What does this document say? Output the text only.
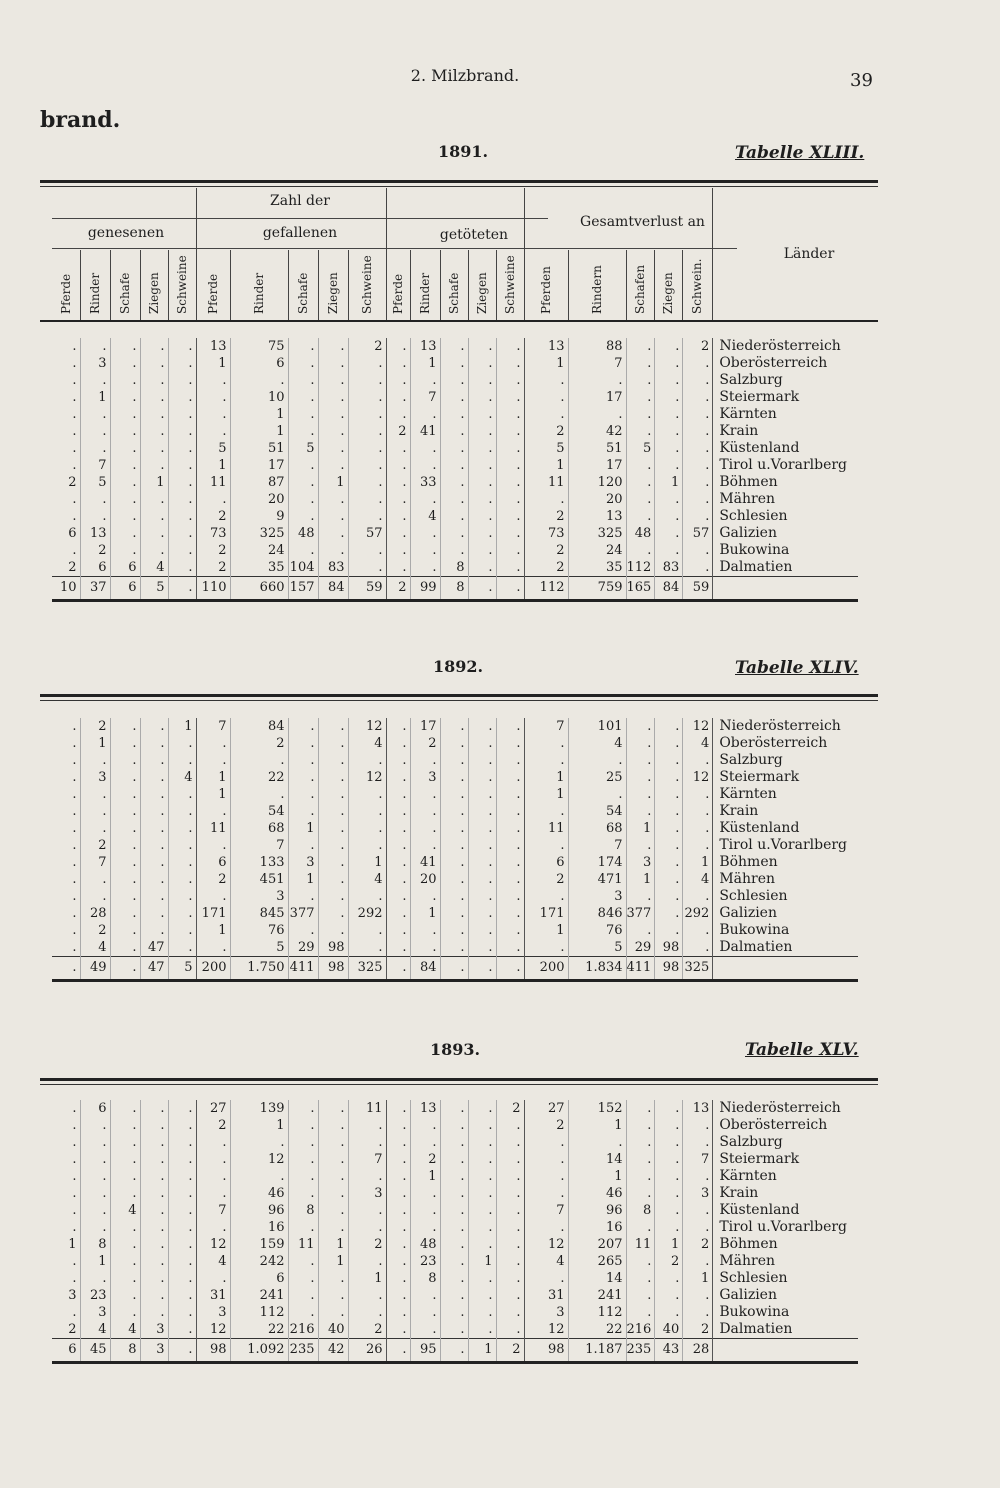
2. Milzbrand.	39
brand.
1891.	Tabelle XLIII.
Zahl der
genesenen	gefallenen	getöteten
Gesamtverlust an
Länder
Pferde Rinder Schafe Ziegen Schweine Pferde	Rinder	Schafe Ziegen Schweine Pferde Rinder Schafe Ziegen Schweine Pferden	Rindern Schafen Ziegen Schwein.
.	.	.	.	.	13	75	.	.	2	.	13	.	.	.	13	88	.	.	2	Niederösterreich
.	3	.	.	.	1	6	.	.	.	.	1	.	.	.	1	7	.	.	.	Oberösterreich
.	.	.	.	.	.	.	.	.	.	.	.	.	.	.	.	.	.	.	.	Salzburg
.	1	.	.	.	.	10	.	.	.	.	7	.	.	.	.	17	.	.	.	Steiermark
.	.	.	.	.	.	1	.	.	.	.	.	.	.	.	.	.	.	.	.	Kärnten
.	.	.	.	.	.	1	.	.	.	2	41	.	.	.	2	42	.	.	.	Krain
.	.	.	.	.	5	51	5	.	.	.	.	.	.	.	5	51	5	.	.	Küstenland
.	7	.	.	.	1	17	.	.	.	.	.	.	.	.	1	17	.	.	.	Tirol u.Vorarlberg
2	5	.	1	.	11	87	.	1	.	.	33	.	.	.	11	120	.	1	.	Böhmen
.	.	.	.	.	.	20	.	.	.	.	.	.	.	.	.	20	.	.	.	Mähren
.	.	.	.	.	2	9	.	.	.	.	4	.	.	.	2	13	.	.	.	Schlesien
6	13	.	.	.	73	325	48	.	57	.	.	.	.	.	73	325	48	.	57	Galizien
.	2	.	.	.	2	24	.	.	.	.	.	.	.	.	2	24	.	.	.	Bukowina
2	6	6	4	.	2	35	104	83	.	.	.	8	.	.	2	35	112	83	.	Dalmatien
10	37	6	5	.	110	660	157	84	59	2	99	8	.	.	112	759	165	84	59	
1892.	Tabelle XLIV.
.	2	.	.	1	7	84	.	.	12	.	17	.	.	.	7	101	.	.	12	Niederösterreich
.	1	.	.	.	.	2	.	.	4	.	2	.	.	.	.	4	.	.	4	Oberösterreich
.	.	.	.	.	.	.	.	.	.	.	.	.	.	.	.	.	.	.	.	Salzburg
.	3	.	.	4	1	22	.	.	12	.	3	.	.	.	1	25	.	.	12	Steiermark
.	.	.	.	.	1	.	.	.	.	.	.	.	.	.	1	.	.	.	.	Kärnten
.	.	.	.	.	.	54	.	.	.	.	.	.	.	.	.	54	.	.	.	Krain
.	.	.	.	.	11	68	1	.	.	.	.	.	.	.	11	68	1	.	.	Küstenland
.	2	.	.	.	.	7	.	.	.	.	.	.	.	.	.	7	.	.	.	Tirol u.Vorarlberg
.	7	.	.	.	6	133	3	.	1	.	41	.	.	.	6	174	3	.	1	Böhmen
.	.	.	.	.	2	451	1	.	4	.	20	.	.	.	2	471	1	.	4	Mähren
.	.	.	.	.	.	3	.	.	.	.	.	.	.	.	.	3	.	.	.	Schlesien
.	28	.	.	.	171	845	377	.	292	.	1	.	.	.	171	846	377	.	292	Galizien
.	2	.	.	.	1	76	.	.	.	.	.	.	.	.	1	76	.	.	.	Bukowina
.	4	.	47	.	.	5	29	98	.	.	.	.	.	.	.	5	29	98	.	Dalmatien
.	49	.	47	5	200	1.750	411	98	325	.	84	.	.	.	200	1.834	411	98	325	
1893.	Tabelle XLV.
.	6	.	.	.	27	139	.	.	11	.	13	.	.	2	27	152	.	.	13	Niederösterreich
.	.	.	.	.	2	1	.	.	.	.	.	.	.	.	2	1	.	.	.	Oberösterreich
.	.	.	.	.	.	.	.	.	.	.	.	.	.	.	.	.	.	.	.	Salzburg
.	.	.	.	.	.	12	.	.	7	.	2	.	.	.	.	14	.	.	7	Steiermark
.	.	.	.	.	.	.	.	.	.	.	1	.	.	.	.	1	.	.	.	Kärnten
.	.	.	.	.	.	46	.	.	3	.	.	.	.	.	.	46	.	.	3	Krain
.	.	4	.	.	7	96	8	.	.	.	.	.	.	.	7	96	8	.	.	Küstenland
.	.	.	.	.	.	16	.	.	.	.	.	.	.	.	.	16	.	.	.	Tirol u.Vorarlberg
1	8	.	.	.	12	159	11	1	2	.	48	.	.	.	12	207	11	1	2	Böhmen
.	1	.	.	.	4	242	.	1	.	.	23	.	1	.	4	265	.	2	.	Mähren
.	.	.	.	.	.	6	.	.	1	.	8	.	.	.	.	14	.	.	1	Schlesien
3	23	.	.	.	31	241	.	.	.	.	.	.	.	.	31	241	.	.	.	Galizien
.	3	.	.	.	3	112	.	.	.	.	.	.	.	.	3	112	.	.	.	Bukowina
2	4	4	3	.	12	22	216	40	2	.	.	.	.	.	12	22	216	40	2	Dalmatien
6	45	8	3	.	98	1.092	235	42	26	.	95	.	1	2	98	1.187	235	43	28	
